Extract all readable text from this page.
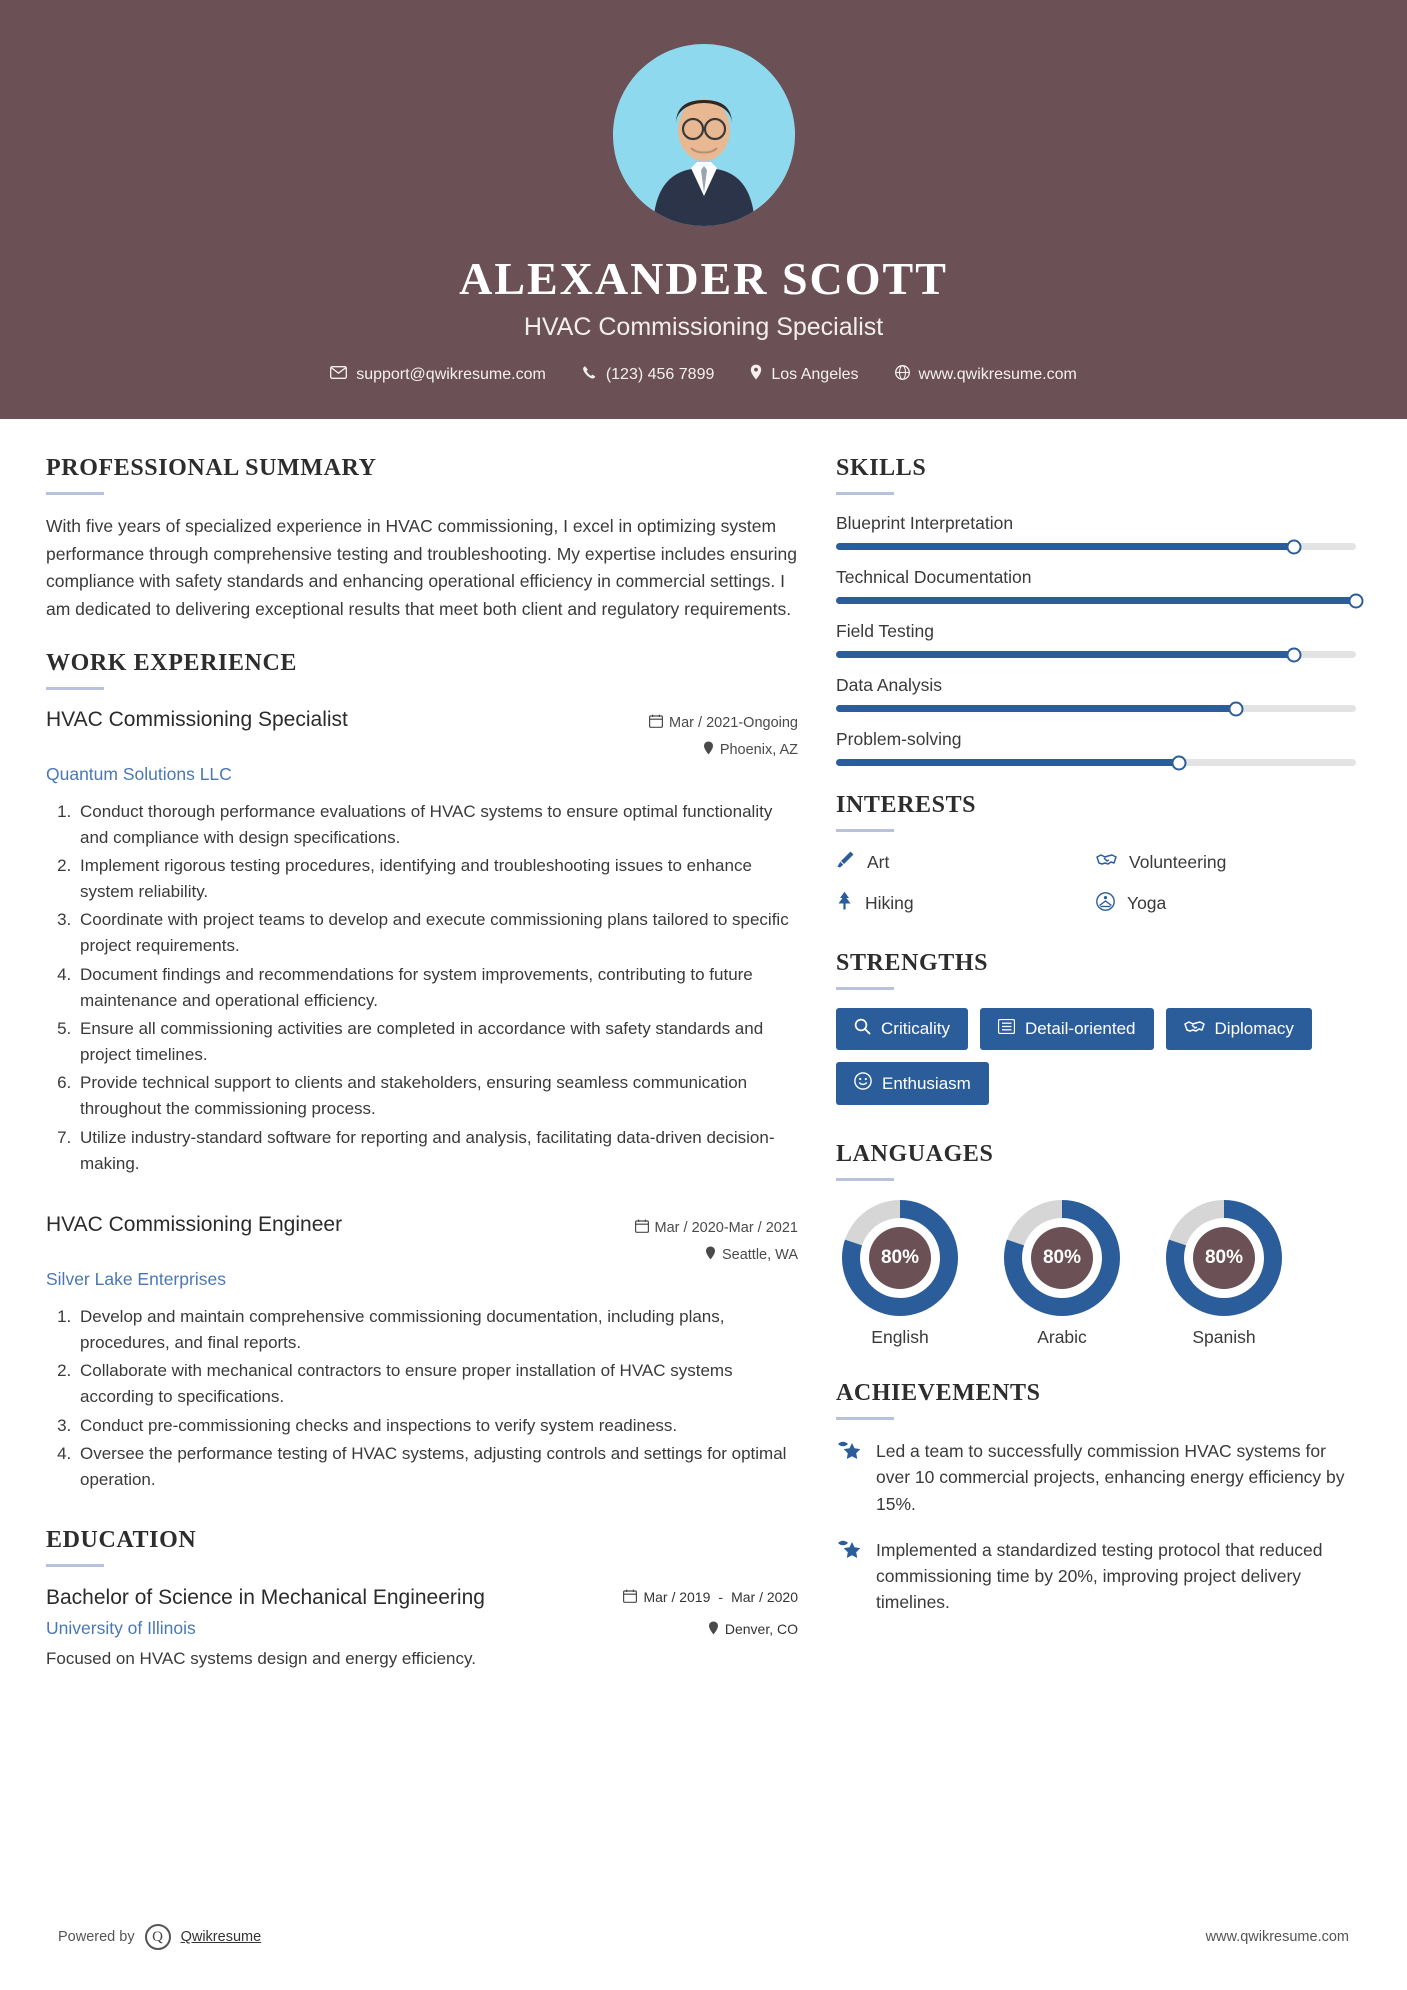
ALEXANDER SCOTT
HVAC Commissioning Specialist
support@qwikresume.com	(123) 456 7899	Los Angeles	www.qwikresume.com
PROFESSIONAL SUMMARY

With five years of specialized experience in HVAC commissioning, I excel in optimizing system performance through comprehensive testing and troubleshooting. My expertise includes ensuring compliance with safety standards and enhancing operational efficiency in commercial settings. I am dedicated to delivering exceptional results that meet both client and regulatory requirements.

WORK EXPERIENCE
HVAC Commissioning Specialist	Mar / 2021-Ongoing
Phoenix, AZ
Quantum Solutions LLC
1. Conduct thorough performance evaluations of HVAC systems to ensure optimal functionality and compliance with design specifications.
2. Implement rigorous testing procedures, identifying and troubleshooting issues to enhance system reliability.
3. Coordinate with project teams to develop and execute commissioning plans tailored to specific project requirements.
4. Document findings and recommendations for system improvements, contributing to future maintenance and operational efficiency.
5. Ensure all commissioning activities are completed in accordance with safety standards and project timelines.
6. Provide technical support to clients and stakeholders, ensuring seamless communication throughout the commissioning process.
7. Utilize industry-standard software for reporting and analysis, facilitating data-driven decision-making.
HVAC Commissioning Engineer	Mar / 2020-Mar / 2021
Seattle, WA
Silver Lake Enterprises
1. Develop and maintain comprehensive commissioning documentation, including plans, procedures, and final reports.
2. Collaborate with mechanical contractors to ensure proper installation of HVAC systems according to specifications.
3. Conduct pre-commissioning checks and inspections to verify system readiness.
4. Oversee the performance testing of HVAC systems, adjusting controls and settings for optimal operation.
EDUCATION
Bachelor of Science in Mechanical Engineering	Mar / 2019 - Mar / 2020
University of Illinois	Denver, CO
Focused on HVAC systems design and energy efficiency.
SKILLS
Blueprint Interpretation
Technical Documentation
Field Testing
Data Analysis
Problem-solving
INTERESTS
Art	Volunteering
Hiking	Yoga
STRENGTHS
Criticality	Detail-oriented	Diplomacy
Enthusiasm
LANGUAGES
80%
English
80%
Arabic
80%
Spanish
ACHIEVEMENTS
Led a team to successfully commission HVAC systems for over 10 commercial projects, enhancing energy efficiency by 15%.
Implemented a standardized testing protocol that reduced commissioning time by 20%, improving project delivery timelines.
Powered by	Q	Qwikresume	www.qwikresume.com
